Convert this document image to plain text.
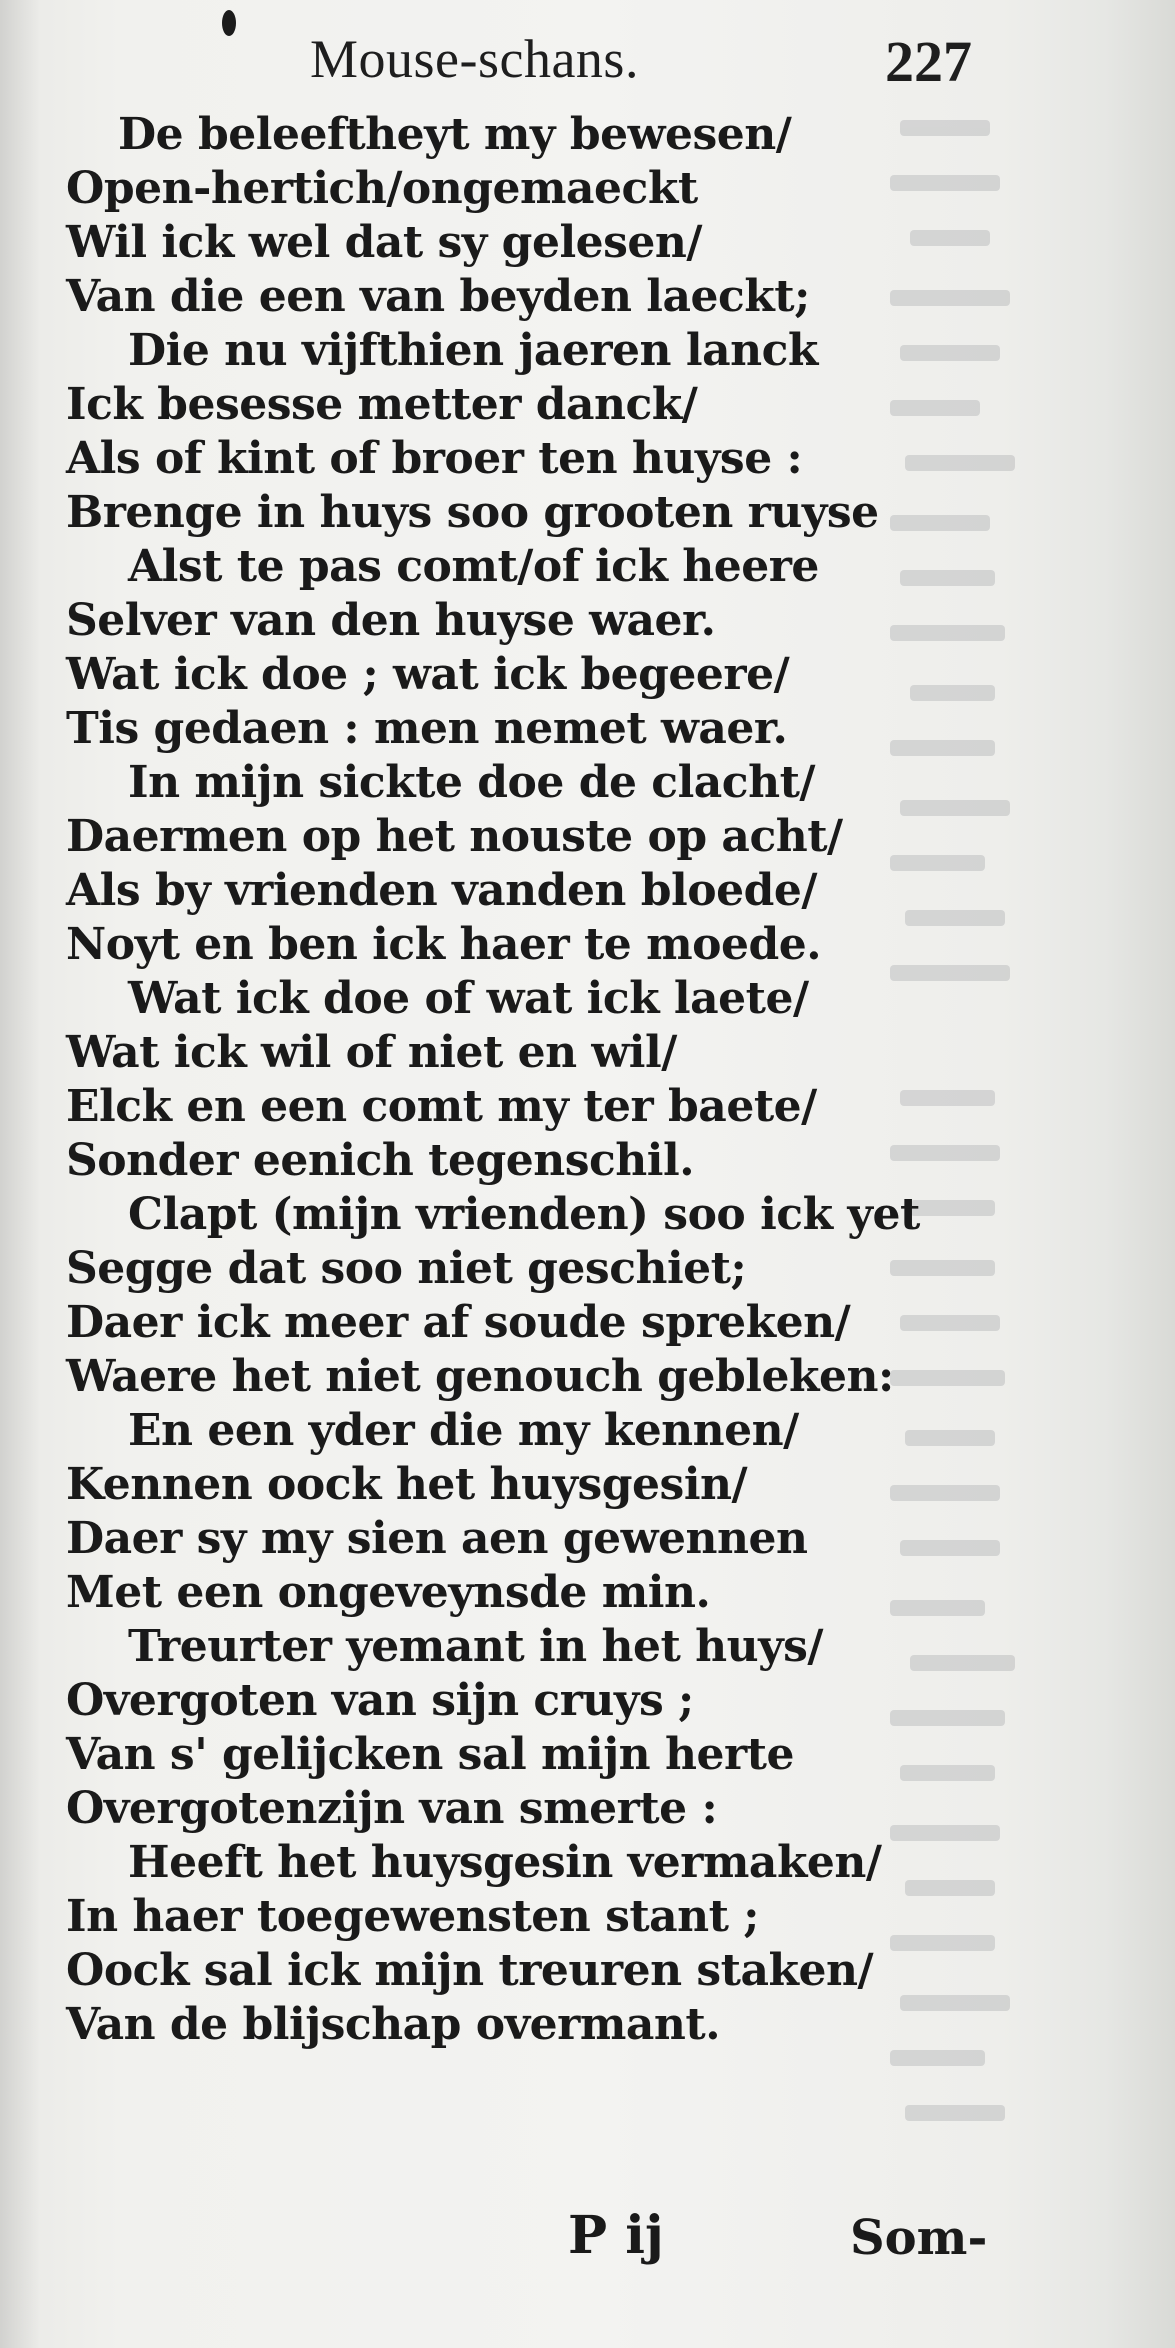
Mouse-schans.	227
De beleeftheyt my bewesen/
Open-hertich/ongemaeckt
Wil ick wel dat sy gelesen/
Van die een van beyden laeckt;
Die nu vijfthien jaeren lanck
Ick besesse metter danck/
Als of kint of broer ten huyse :
Brenge in huys soo grooten ruyse
Alst te pas comt/of ick heere
Selver van den huyse waer.
Wat ick doe ; wat ick begeere/
Tis gedaen : men nemet waer.
In mijn sickte doe de clacht/
Daermen op het nouste op acht/
Als by vrienden vanden bloede/
Noyt en ben ick haer te moede.
Wat ick doe of wat ick laete/
Wat ick wil of niet en wil/
Elck en een comt my ter baete/
Sonder eenich tegenschil.
Clapt (mijn vrienden) soo ick yet
Segge dat soo niet geschiet;
Daer ick meer af soude spreken/
Waere het niet genouch gebleken:
En een yder die my kennen/
Kennen oock het huysgesin/
Daer sy my sien aen gewennen
Met een ongeveynsde min.
Treurter yemant in het huys/
Overgoten van sijn cruys ;
Van s' gelijcken sal mijn herte
Overgotenzijn van smerte :
Heeft het huysgesin vermaken/
In haer toegewensten stant ;
Oock sal ick mijn treuren staken/
Van de blijschap overmant.
P ij	Som-
